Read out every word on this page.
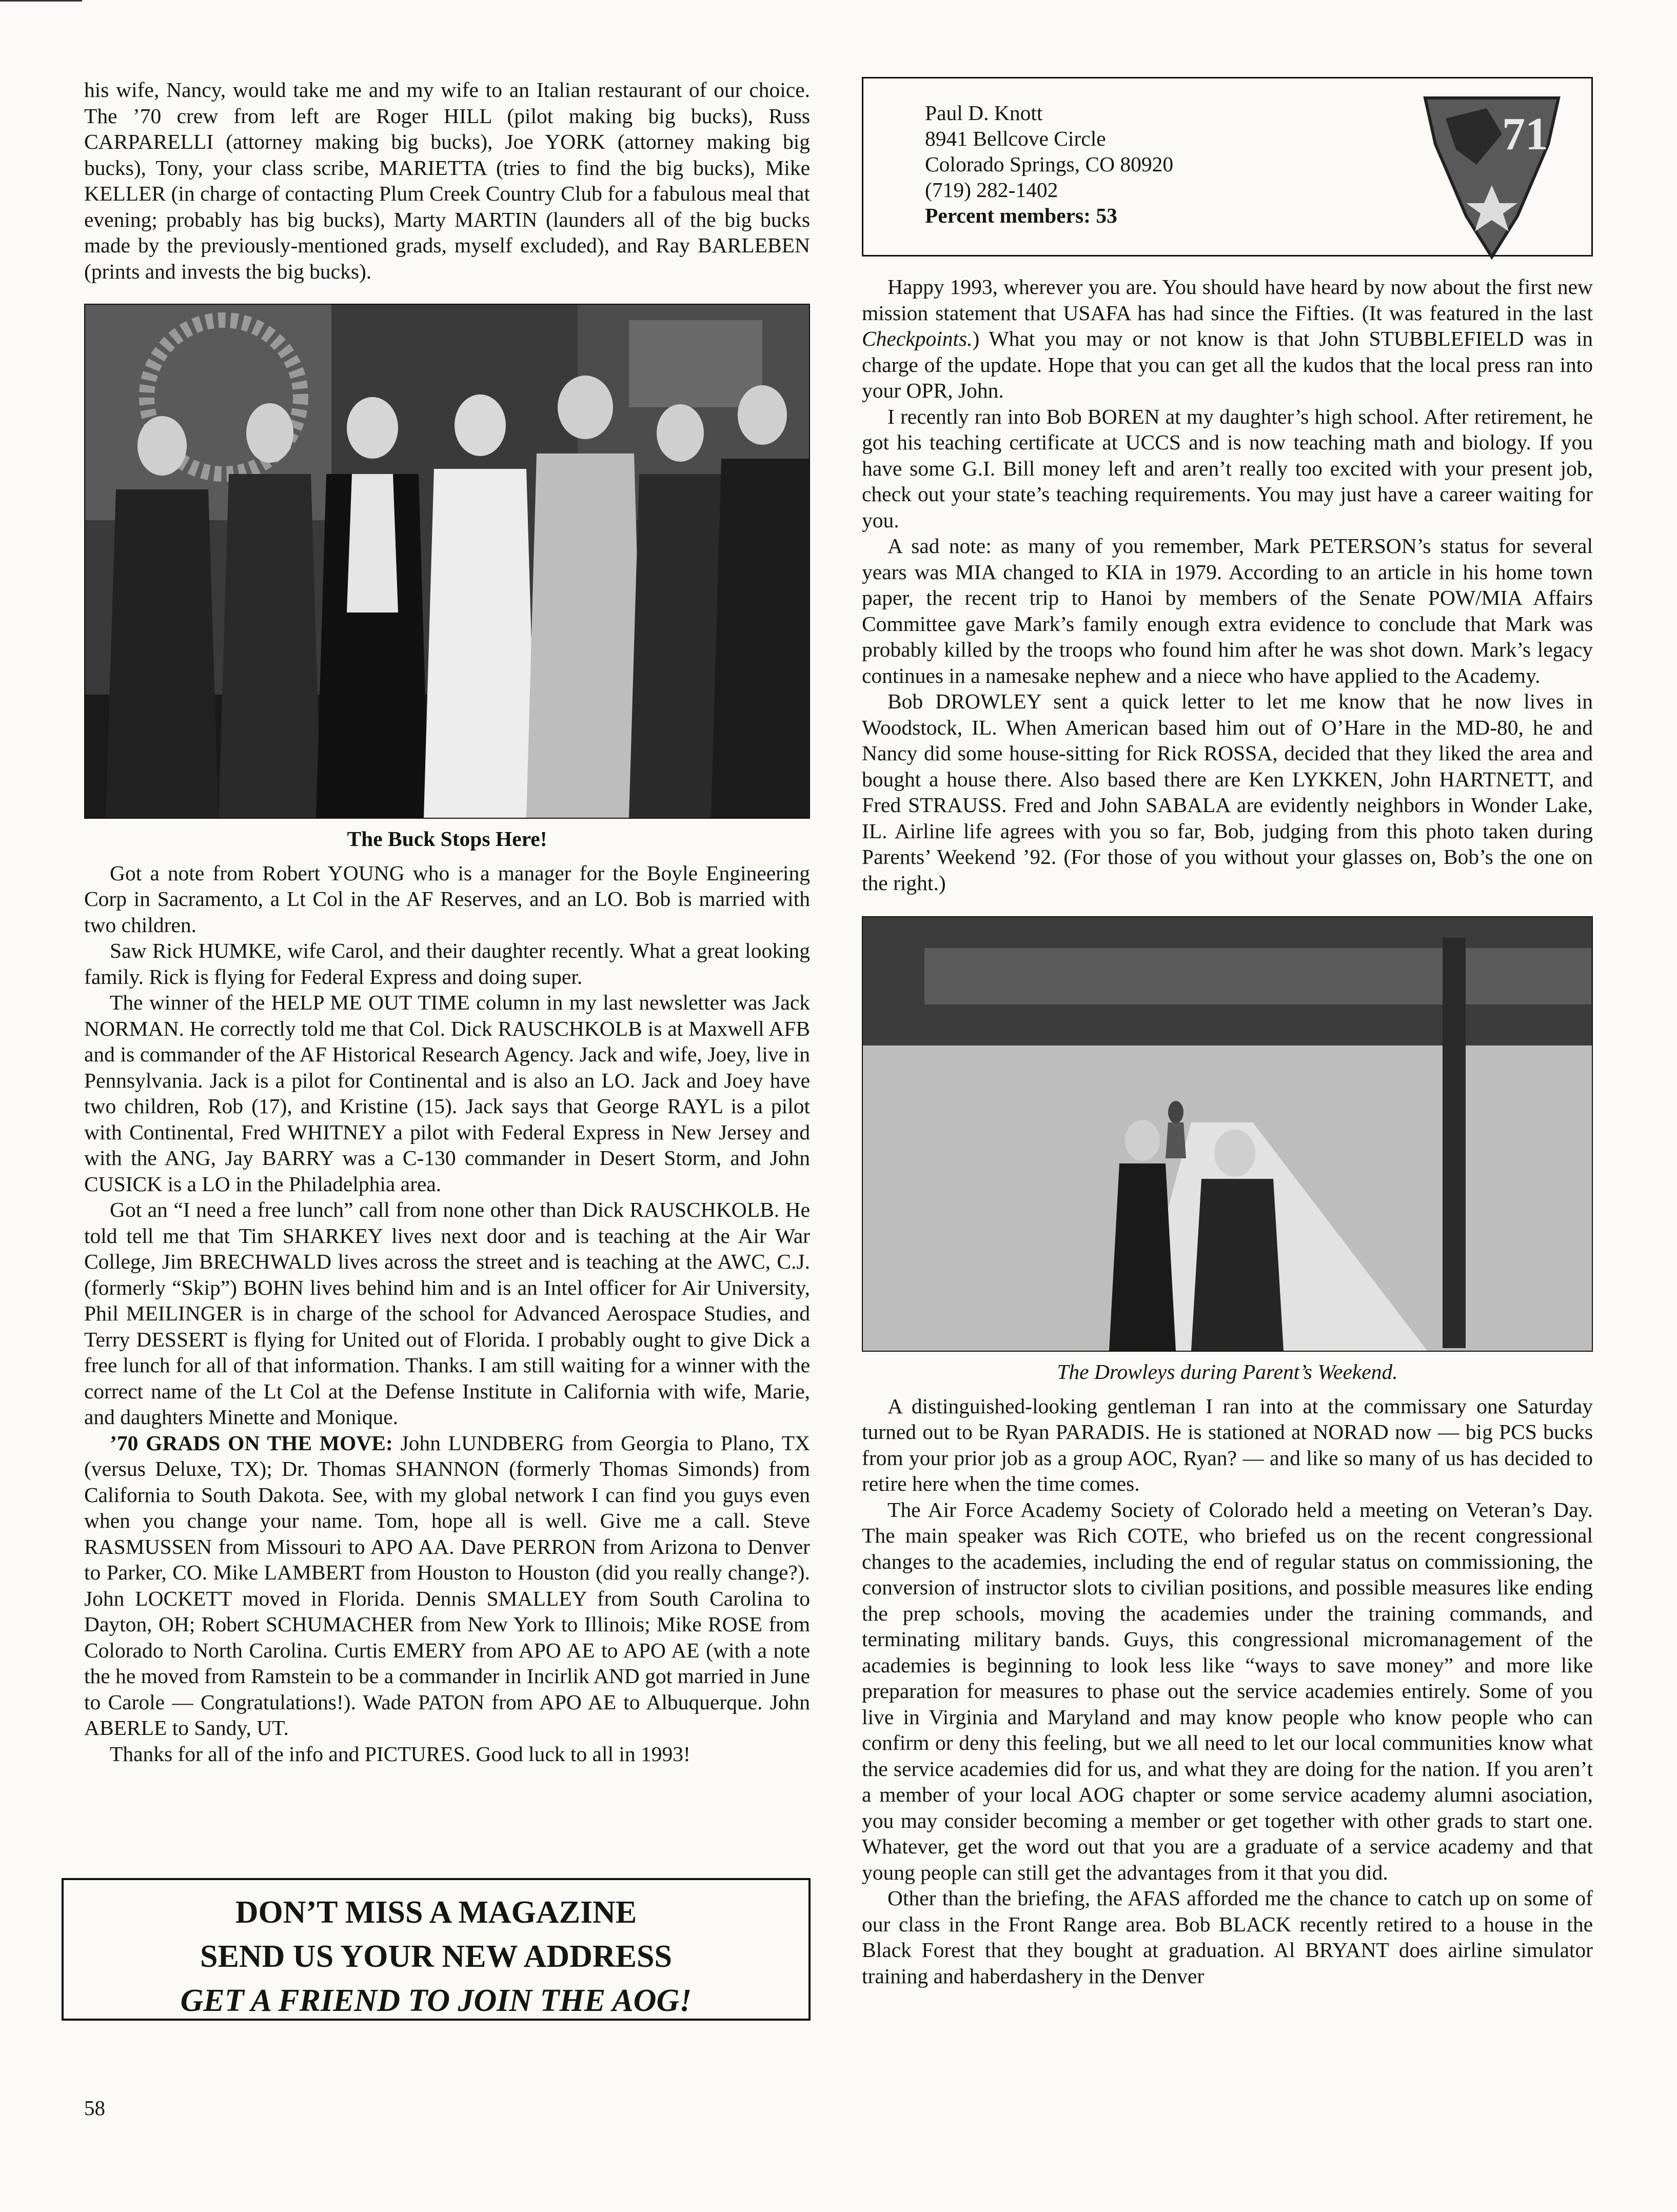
his wife, Nancy, would take me and my wife to an Italian restaurant of our choice. The ’70 crew from left are Roger HILL (pilot making big bucks), Russ CARPARELLI (attorney making big bucks), Joe YORK (attorney making big bucks), Tony, your class scribe, MARIETTA (tries to find the big bucks), Mike KELLER (in charge of contacting Plum Creek Country Club for a fabulous meal that evening; probably has big bucks), Marty MARTIN (launders all of the big bucks made by the previously-mentioned grads, myself excluded), and Ray BARLEBEN (prints and invests the big bucks).

The Buck Stops Here!

Got a note from Robert YOUNG who is a manager for the Boyle Engineering Corp in Sacramento, a Lt Col in the AF Reserves, and an LO. Bob is married with two children.

Saw Rick HUMKE, wife Carol, and their daughter recently. What a great looking family. Rick is flying for Federal Express and doing super.

The winner of the HELP ME OUT TIME column in my last newsletter was Jack NORMAN. He correctly told me that Col. Dick RAUSCHKOLB is at Maxwell AFB and is commander of the AF Historical Research Agency. Jack and wife, Joey, live in Pennsylvania. Jack is a pilot for Continental and is also an LO. Jack and Joey have two children, Rob (17), and Kristine (15). Jack says that George RAYL is a pilot with Continental, Fred WHITNEY a pilot with Federal Express in New Jersey and with the ANG, Jay BARRY was a C-130 commander in Desert Storm, and John CUSICK is a LO in the Philadelphia area.

Got an “I need a free lunch” call from none other than Dick RAUSCHKOLB. He told tell me that Tim SHARKEY lives next door and is teaching at the Air War College, Jim BRECHWALD lives across the street and is teaching at the AWC, C.J. (formerly “Skip”) BOHN lives behind him and is an Intel officer for Air University, Phil MEILINGER is in charge of the school for Advanced Aerospace Studies, and Terry DESSERT is flying for United out of Florida. I probably ought to give Dick a free lunch for all of that information. Thanks. I am still waiting for a winner with the correct name of the Lt Col at the Defense Institute in California with wife, Marie, and daughters Minette and Monique.

’70 GRADS ON THE MOVE: John LUNDBERG from Georgia to Plano, TX (versus Deluxe, TX); Dr. Thomas SHANNON (formerly Thomas Simonds) from California to South Dakota. See, with my global network I can find you guys even when you change your name. Tom, hope all is well. Give me a call. Steve RASMUSSEN from Missouri to APO AA. Dave PERRON from Arizona to Denver to Parker, CO. Mike LAMBERT from Houston to Houston (did you really change?). John LOCKETT moved in Florida. Dennis SMALLEY from South Carolina to Dayton, OH; Robert SCHUMACHER from New York to Illinois; Mike ROSE from Colorado to North Carolina. Curtis EMERY from APO AE to APO AE (with a note the he moved from Ramstein to be a commander in Incirlik AND got married in June to Carole — Congratulations!). Wade PATON from APO AE to Albuquerque. John ABERLE to Sandy, UT.

Thanks for all of the info and PICTURES. Good luck to all in 1993!

DON’T MISS A MAGAZINE
SEND US YOUR NEW ADDRESS
GET A FRIEND TO JOIN THE AOG!
Paul D. Knott
8941 Bellcove Circle
Colorado Springs, CO 80920
(719) 282-1402
Percent members: 53
71

Happy 1993, wherever you are. You should have heard by now about the first new mission statement that USAFA has had since the Fifties. (It was featured in the last Checkpoints.) What you may or not know is that John STUBBLEFIELD was in charge of the update. Hope that you can get all the kudos that the local press ran into your OPR, John.

I recently ran into Bob BOREN at my daughter’s high school. After retirement, he got his teaching certificate at UCCS and is now teaching math and biology. If you have some G.I. Bill money left and aren’t really too excited with your present job, check out your state’s teaching requirements. You may just have a career waiting for you.

A sad note: as many of you remember, Mark PETERSON’s status for several years was MIA changed to KIA in 1979. According to an article in his home town paper, the recent trip to Hanoi by members of the Senate POW/MIA Affairs Committee gave Mark’s family enough extra evidence to conclude that Mark was probably killed by the troops who found him after he was shot down. Mark’s legacy continues in a namesake nephew and a niece who have applied to the Academy.

Bob DROWLEY sent a quick letter to let me know that he now lives in Woodstock, IL. When American based him out of O’Hare in the MD-80, he and Nancy did some house-sitting for Rick ROSSA, decided that they liked the area and bought a house there. Also based there are Ken LYKKEN, John HARTNETT, and Fred STRAUSS. Fred and John SABALA are evidently neighbors in Wonder Lake, IL. Airline life agrees with you so far, Bob, judging from this photo taken during Parents’ Weekend ’92. (For those of you without your glasses on, Bob’s the one on the right.)

The Drowleys during Parent’s Weekend.

A distinguished-looking gentleman I ran into at the commissary one Saturday turned out to be Ryan PARADIS. He is stationed at NORAD now — big PCS bucks from your prior job as a group AOC, Ryan? — and like so many of us has decided to retire here when the time comes.

The Air Force Academy Society of Colorado held a meeting on Veteran’s Day. The main speaker was Rich COTE, who briefed us on the recent congressional changes to the academies, including the end of regular status on commissioning, the conversion of instructor slots to civilian positions, and possible measures like ending the prep schools, moving the academies under the training commands, and terminating military bands. Guys, this congressional micromanagement of the academies is beginning to look less like “ways to save money” and more like preparation for measures to phase out the service academies entirely. Some of you live in Virginia and Maryland and may know people who know people who can confirm or deny this feeling, but we all need to let our local communities know what the service academies did for us, and what they are doing for the nation. If you aren’t a member of your local AOG chapter or some service academy alumni asociation, you may consider becoming a member or get together with other grads to start one. Whatever, get the word out that you are a graduate of a service academy and that young people can still get the advantages from it that you did.

Other than the briefing, the AFAS afforded me the chance to catch up on some of our class in the Front Range area. Bob BLACK recently retired to a house in the Black Forest that they bought at graduation. Al BRYANT does airline simulator training and haberdashery in the Denver

58
